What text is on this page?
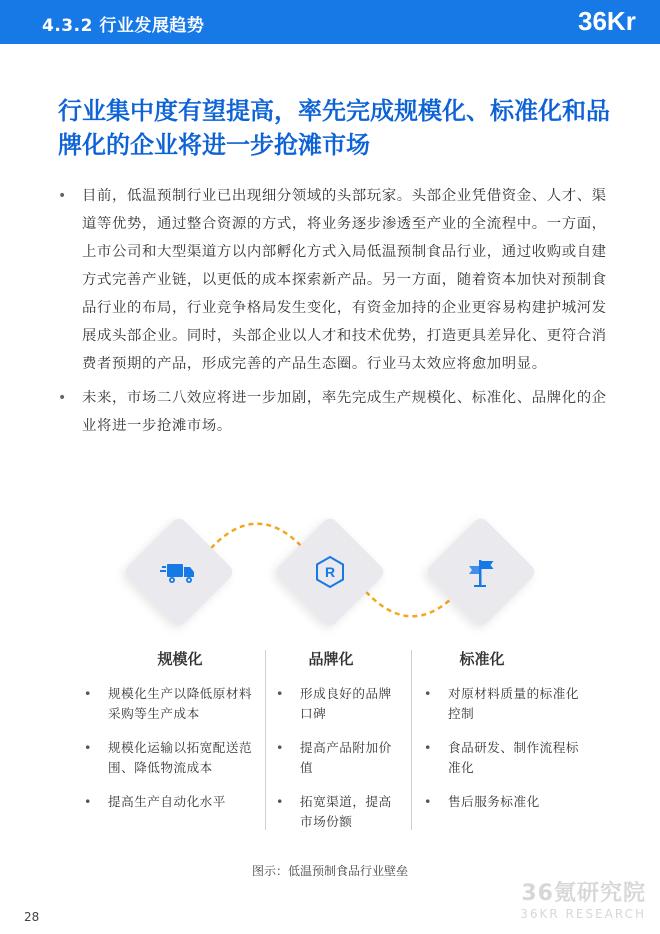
4.3.2 行业发展趋势	36Kr
行业集中度有望提高，率先完成规模化、标准化和品牌化的企业将进一步抢滩市场
• 目前，低温预制行业已出现细分领域的头部玩家。头部企业凭借资金、人才、渠道等优势，通过整合资源的方式，将业务逐步渗透至产业的全流程中。一方面，上市公司和大型渠道方以内部孵化方式入局低温预制食品行业，通过收购或自建方式完善产业链，以更低的成本探索新产品。另一方面，随着资本加快对预制食品行业的布局，行业竞争格局发生变化，有资金加持的企业更容易构建护城河发展成头部企业。同时，头部企业以人才和技术优势，打造更具差异化、更符合消费者预期的产品，形成完善的产品生态圈。行业马太效应将愈加明显。
• 未来，市场二八效应将进一步加剧，率先完成生产规模化、标准化、品牌化的企业将进一步抢滩市场。
R
规模化	品牌化	标准化
• 规模化生产以降低原材料采购等生产成本
• 规模化运输以拓宽配送范围、降低物流成本
• 提高生产自动化水平
• 形成良好的品牌口碑
• 提高产品附加价值
• 拓宽渠道，提高市场份额
• 对原材料质量的标准化控制
• 食品研发、制作流程标准化
• 售后服务标准化
图示：低温预制食品行业壁垒
36氪研究院
36KR RESEARCH
28
